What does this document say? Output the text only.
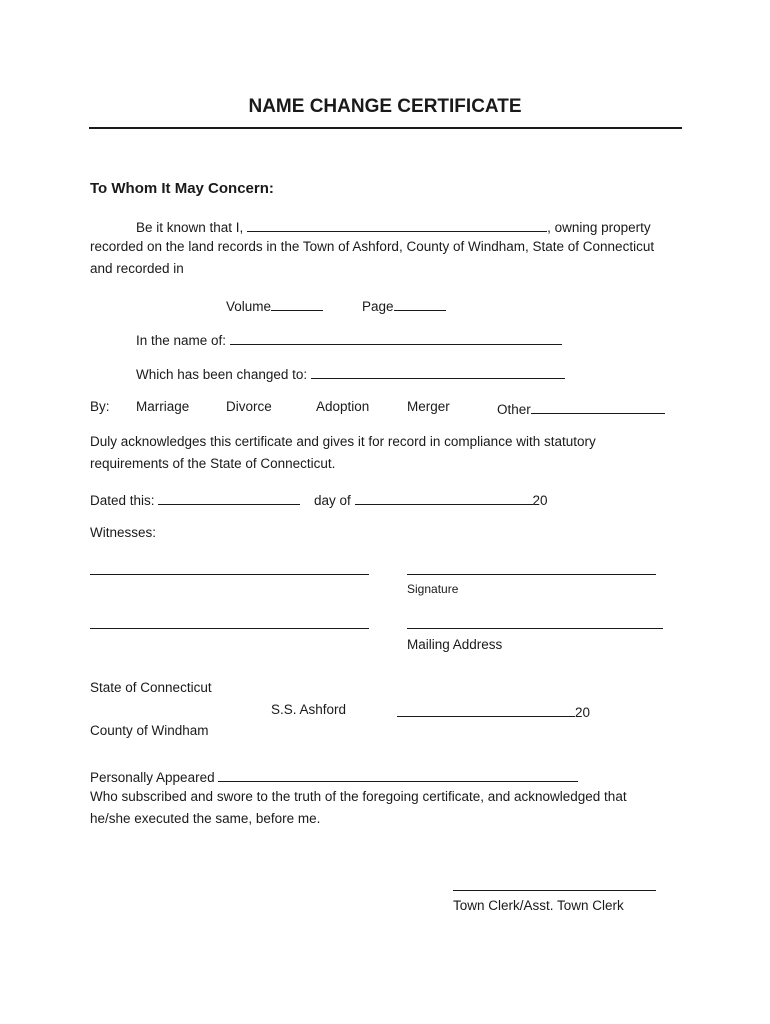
NAME CHANGE CERTIFICATE
To Whom It May Concern:
Be it known that I,	, owning property
recorded on the land records in the Town of Ashford, County of Windham, State of Connecticut
and recorded in
Volume	Page
In the name of:
Which has been changed to:
By: Marriage	Divorce	Adoption	Merger	Other
Duly acknowledges this certificate and gives it for record in compliance with statutory
requirements of the State of Connecticut.
Dated this:	day of	20
Witnesses:
Signature
Mailing Address
State of Connecticut
S.S. Ashford	20
County of Windham
Personally Appeared
Who subscribed and swore to the truth of the foregoing certificate, and acknowledged that
he/she executed the same, before me.
Town Clerk/Asst. Town Clerk
